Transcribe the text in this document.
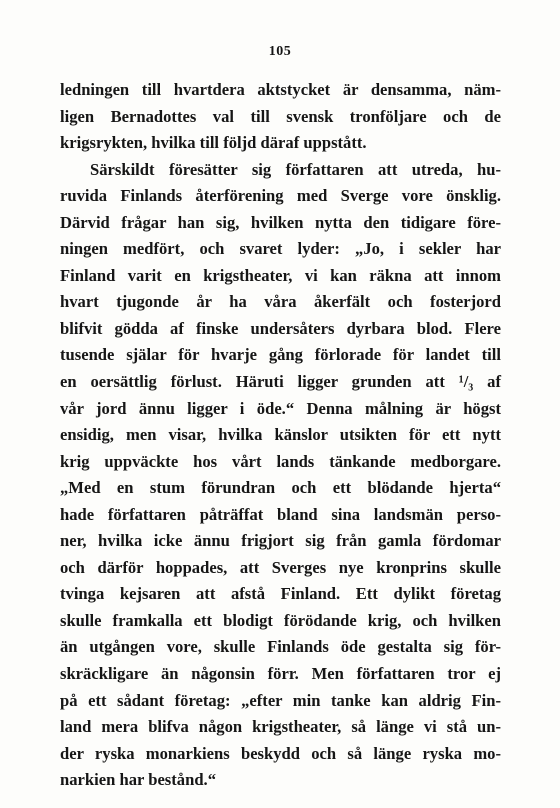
105
ledningen till hvartdera aktstycket är densamma, näm-
ligen Bernadottes val till svensk tronföljare och de
krigsrykten, hvilka till följd däraf uppstått.
Särskildt föresätter sig författaren att utreda, hu-
ruvida Finlands återförening med Sverge vore önsklig.
Därvid frågar han sig, hvilken nytta den tidigare före-
ningen medfört, och svaret lyder: „Jo, i sekler har
Finland varit en krigstheater, vi kan räkna att innom
hvart tjugonde år ha våra åkerfält och fosterjord
blifvit gödda af finske undersåters dyrbara blod. Flere
tusende själar för hvarje gång förlorade för landet till
en oersättlig förlust. Häruti ligger grunden att ¹/₃ af
vår jord ännu ligger i öde.“ Denna målning är högst
ensidig, men visar, hvilka känslor utsikten för ett nytt
krig uppväckte hos vårt lands tänkande medborgare.
„Med en stum förundran och ett blödande hjerta“
hade författaren påträffat bland sina landsmän perso-
ner, hvilka icke ännu frigjort sig från gamla fördomar
och därför hoppades, att Sverges nye kronprins skulle
tvinga kejsaren att afstå Finland. Ett dylikt företag
skulle framkalla ett blodigt förödande krig, och hvilken
än utgången vore, skulle Finlands öde gestalta sig för-
skräckligare än någonsin förr. Men författaren tror ej
på ett sådant företag: „efter min tanke kan aldrig Fin-
land mera blifva någon krigstheater, så länge vi stå un-
der ryska monarkiens beskydd och så länge ryska mo-
narkien har bestånd.“
